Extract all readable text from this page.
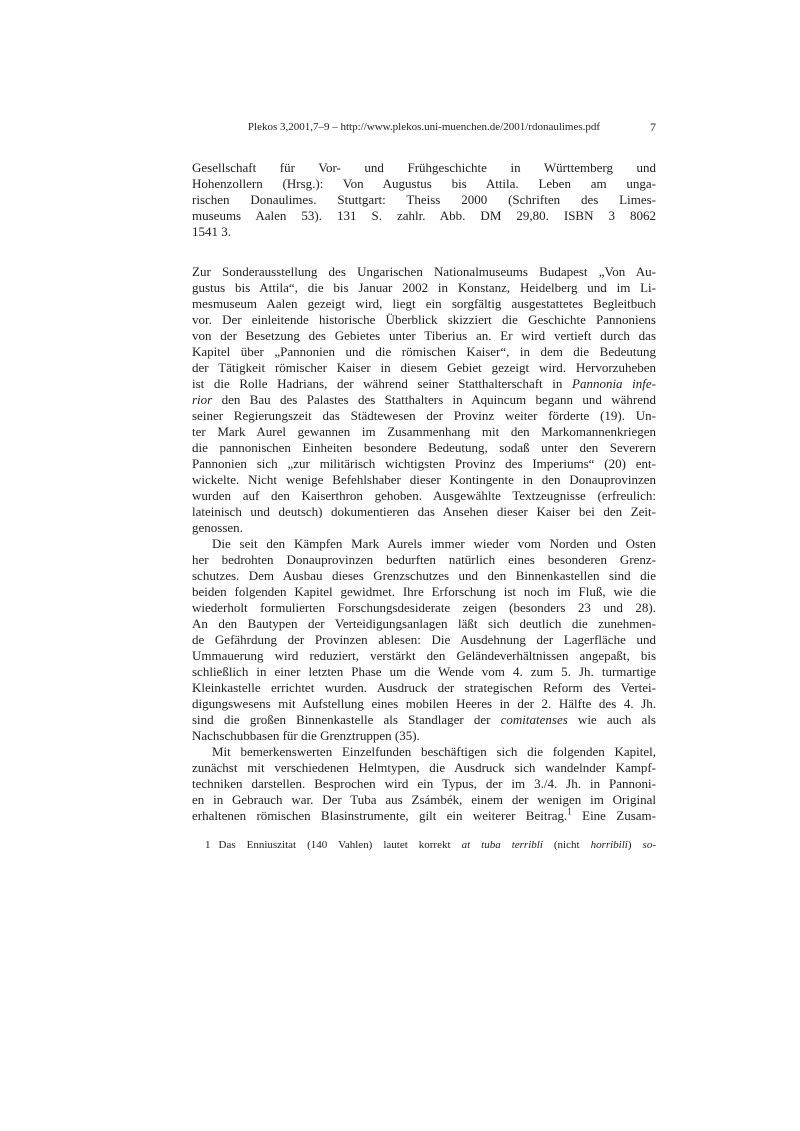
Plekos 3,2001,7–9 – http://www.plekos.uni-muenchen.de/2001/rdonaulimes.pdf	7
Gesellschaft für Vor- und Frühgeschichte in Württemberg und
Hohenzollern (Hrsg.): Von Augustus bis Attila. Leben am unga-
rischen Donaulimes. Stuttgart: Theiss 2000 (Schriften des Limes-
museums Aalen 53). 131 S. zahlr. Abb. DM 29,80. ISBN 3 8062
1541 3.
Zur Sonderausstellung des Ungarischen Nationalmuseums Budapest „Von Au-
gustus bis Attila“, die bis Januar 2002 in Konstanz, Heidelberg und im Li-
mesmuseum Aalen gezeigt wird, liegt ein sorgfältig ausgestattetes Begleitbuch
vor. Der einleitende historische Überblick skizziert die Geschichte Pannoniens
von der Besetzung des Gebietes unter Tiberius an. Er wird vertieft durch das
Kapitel über „Pannonien und die römischen Kaiser“, in dem die Bedeutung
der Tätigkeit römischer Kaiser in diesem Gebiet gezeigt wird. Hervorzuheben
ist die Rolle Hadrians, der während seiner Statthalterschaft in Pannonia infe-
rior den Bau des Palastes des Statthalters in Aquincum begann und während
seiner Regierungszeit das Städtewesen der Provinz weiter förderte (19). Un-
ter Mark Aurel gewannen im Zusammenhang mit den Markomannenkriegen
die pannonischen Einheiten besondere Bedeutung, sodaß unter den Severern
Pannonien sich „zur militärisch wichtigsten Provinz des Imperiums“ (20) ent-
wickelte. Nicht wenige Befehlshaber dieser Kontingente in den Donauprovinzen
wurden auf den Kaiserthron gehoben. Ausgewählte Textzeugnisse (erfreulich:
lateinisch und deutsch) dokumentieren das Ansehen dieser Kaiser bei den Zeit-
genossen.
Die seit den Kämpfen Mark Aurels immer wieder vom Norden und Osten
her bedrohten Donauprovinzen bedurften natürlich eines besonderen Grenz-
schutzes. Dem Ausbau dieses Grenzschutzes und den Binnenkastellen sind die
beiden folgenden Kapitel gewidmet. Ihre Erforschung ist noch im Fluß, wie die
wiederholt formulierten Forschungsdesiderate zeigen (besonders 23 und 28).
An den Bautypen der Verteidigungsanlagen läßt sich deutlich die zunehmen-
de Gefährdung der Provinzen ablesen: Die Ausdehnung der Lagerfläche und
Ummauerung wird reduziert, verstärkt den Geländeverhältnissen angepaßt, bis
schließlich in einer letzten Phase um die Wende vom 4. zum 5. Jh. turmartige
Kleinkastelle errichtet wurden. Ausdruck der strategischen Reform des Vertei-
digungswesens mit Aufstellung eines mobilen Heeres in der 2. Hälfte des 4. Jh.
sind die großen Binnenkastelle als Standlager der comitatenses wie auch als
Nachschubbasen für die Grenztruppen (35).
Mit bemerkenswerten Einzelfunden beschäftigen sich die folgenden Kapitel,
zunächst mit verschiedenen Helmtypen, die Ausdruck sich wandelnder Kampf-
techniken darstellen. Besprochen wird ein Typus, der im 3./4. Jh. in Pannoni-
en in Gebrauch war. Der Tuba aus Zsámbék, einem der wenigen im Original
erhaltenen römischen Blasinstrumente, gilt ein weiterer Beitrag.$^1$ Eine Zusam-
1 Das Enniuszitat (140 Vahlen) lautet korrekt at tuba terribli (nicht horribili) so-
